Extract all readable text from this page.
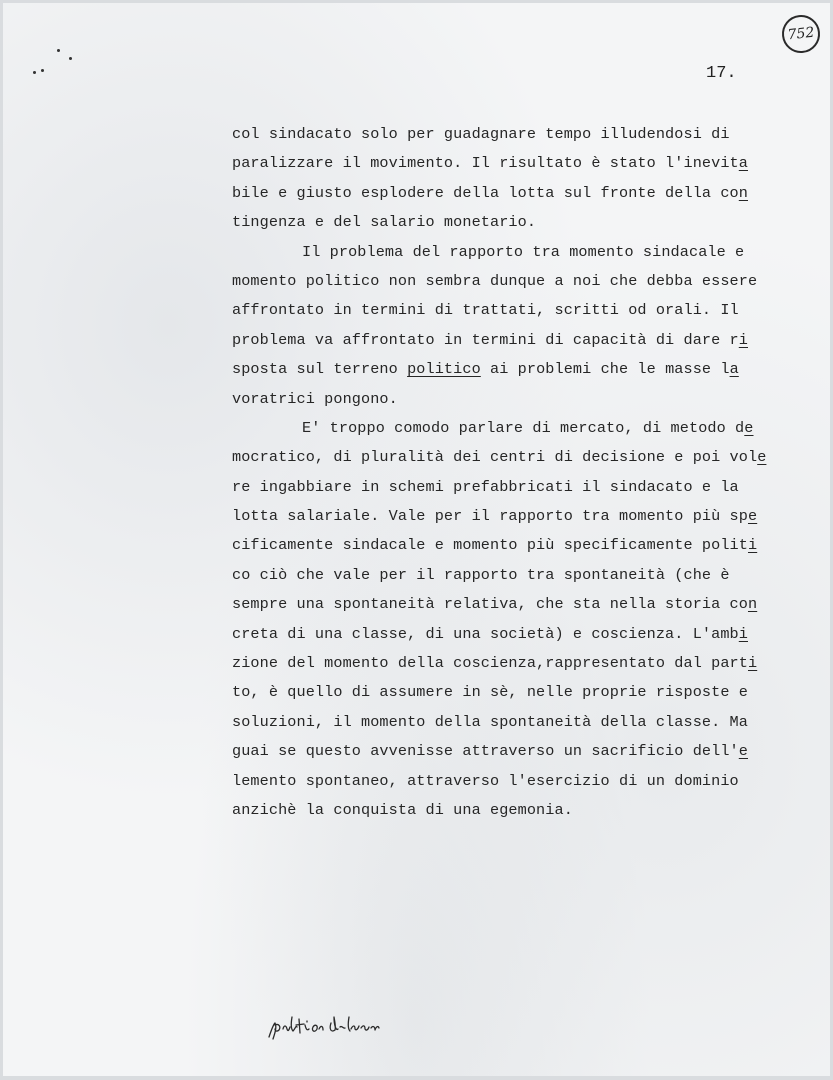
752
17.
col sindacato solo per guadagnare tempo illudendosi di
paralizzare il movimento. Il risultato è stato l'inevita
bile e giusto esplodere della lotta sul fronte della con
tingenza e del salario monetario.
Il problema del rapporto tra momento sindacale e
momento politico non sembra dunque a noi che debba essere
affrontato in termini di trattati, scritti od orali. Il
problema va affrontato in termini di capacità di dare ri
sposta sul terreno politico ai problemi che le masse la
voratrici pongono.
E' troppo comodo parlare di mercato, di metodo de
mocratico, di pluralità dei centri di decisione e poi vole
re ingabbiare in schemi prefabbricati il sindacato e la
lotta salariale. Vale per il rapporto tra momento più spe
cificamente sindacale e momento più specificamente politi
co ciò che vale per il rapporto tra spontaneità (che è
sempre una spontaneità relativa, che sta nella storia con
creta di una classe, di una società) e coscienza. L'ambi
zione del momento della coscienza,rappresentato dal parti
to, è quello di assumere in sè, nelle proprie risposte e
soluzioni, il momento della spontaneità della classe. Ma
guai se questo avvenisse attraverso un sacrificio dell'e
lemento spontaneo, attraverso l'esercizio di un dominio
anzichè la conquista di una egemonia.
